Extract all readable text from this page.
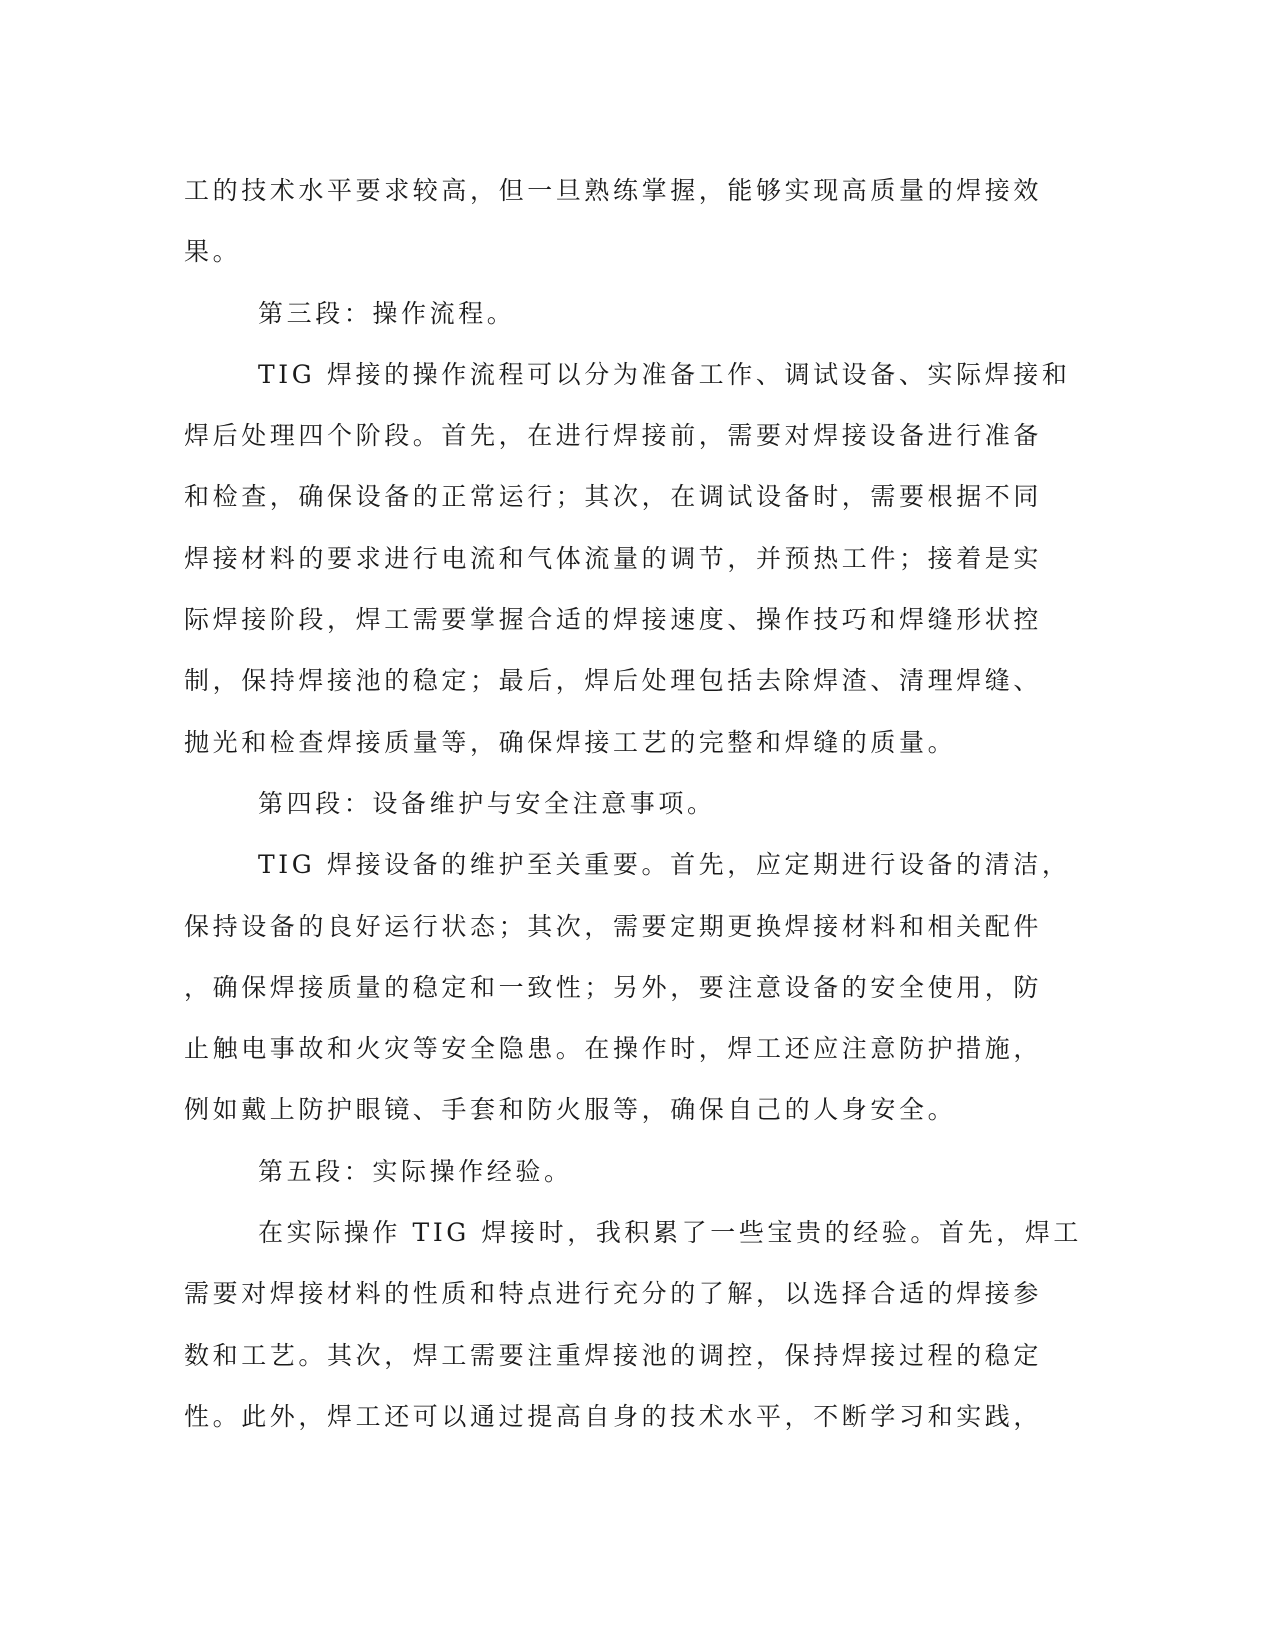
工的技术水平要求较高，但一旦熟练掌握，能够实现高质量的焊接效
果。
第三段：操作流程。
TIG 焊接的操作流程可以分为准备工作、调试设备、实际焊接和
焊后处理四个阶段。首先，在进行焊接前，需要对焊接设备进行准备
和检查，确保设备的正常运行；其次，在调试设备时，需要根据不同
焊接材料的要求进行电流和气体流量的调节，并预热工件；接着是实
际焊接阶段，焊工需要掌握合适的焊接速度、操作技巧和焊缝形状控
制，保持焊接池的稳定；最后，焊后处理包括去除焊渣、清理焊缝、
抛光和检查焊接质量等，确保焊接工艺的完整和焊缝的质量。
第四段：设备维护与安全注意事项。
TIG 焊接设备的维护至关重要。首先，应定期进行设备的清洁，
保持设备的良好运行状态；其次，需要定期更换焊接材料和相关配件
，确保焊接质量的稳定和一致性；另外，要注意设备的安全使用，防
止触电事故和火灾等安全隐患。在操作时，焊工还应注意防护措施，
例如戴上防护眼镜、手套和防火服等，确保自己的人身安全。
第五段：实际操作经验。
在实际操作 TIG 焊接时，我积累了一些宝贵的经验。首先，焊工
需要对焊接材料的性质和特点进行充分的了解，以选择合适的焊接参
数和工艺。其次，焊工需要注重焊接池的调控，保持焊接过程的稳定
性。此外，焊工还可以通过提高自身的技术水平，不断学习和实践，
